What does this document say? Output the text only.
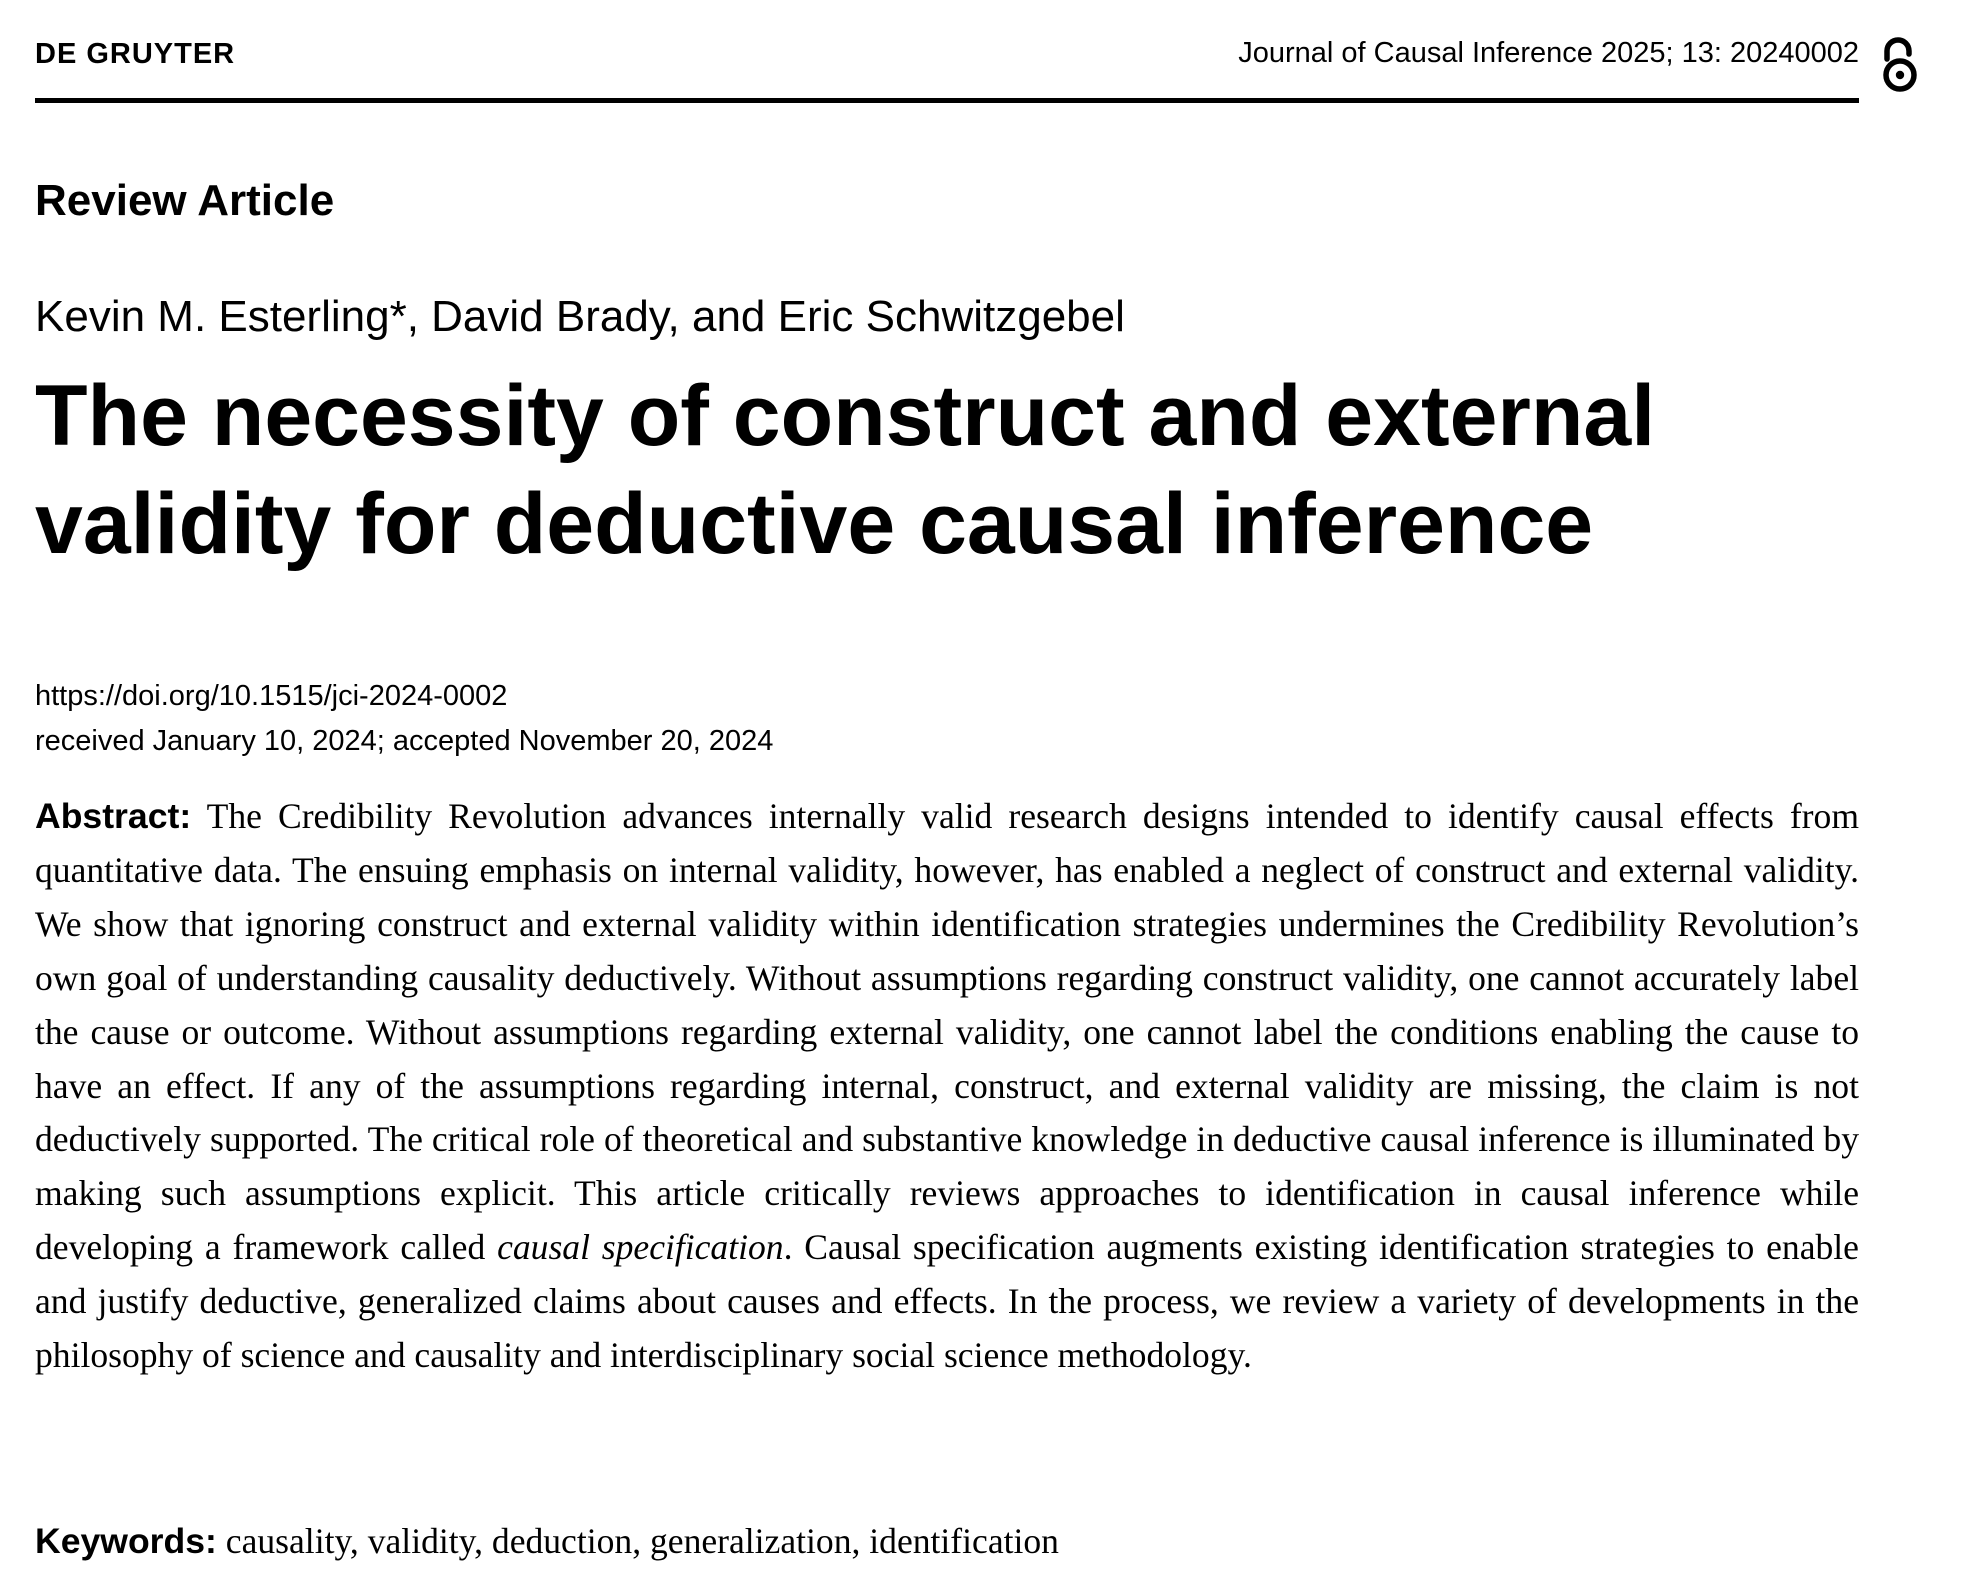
DE GRUYTER	Journal of Causal Inference 2025; 13: 20240002
Review Article
Kevin M. Esterling*, David Brady, and Eric Schwitzgebel
The necessity of construct and external
validity for deductive causal inference
https://doi.org/10.1515/jci-2024-0002
received January 10, 2024; accepted November 20, 2024

Abstract: The Credibility Revolution advances internally valid research designs intended to identify causal effects from quantitative data. The ensuing emphasis on internal validity, however, has enabled a neglect of construct and external validity. We show that ignoring construct and external validity within identification strategies undermines the Credibility Revolution’s own goal of understanding causality deductively. Without assumptions regarding construct validity, one cannot accurately label the cause or outcome. Without assumptions regarding external validity, one cannot label the conditions enabling the cause to have an effect. If any of the assumptions regarding internal, construct, and external validity are missing, the claim is not deductively supported. The critical role of theoretical and substantive knowledge in deductive causal inference is illuminated by making such assumptions explicit. This article critically reviews approaches to identification in causal inference while developing a framework called causal specification. Causal specification augments existing identification strategies to enable and justify deductive, generalized claims about causes and effects. In the process, we review a variety of developments in the philosophy of science and causality and interdisciplinary social science methodology.

Keywords: causality, validity, deduction, generalization, identification
